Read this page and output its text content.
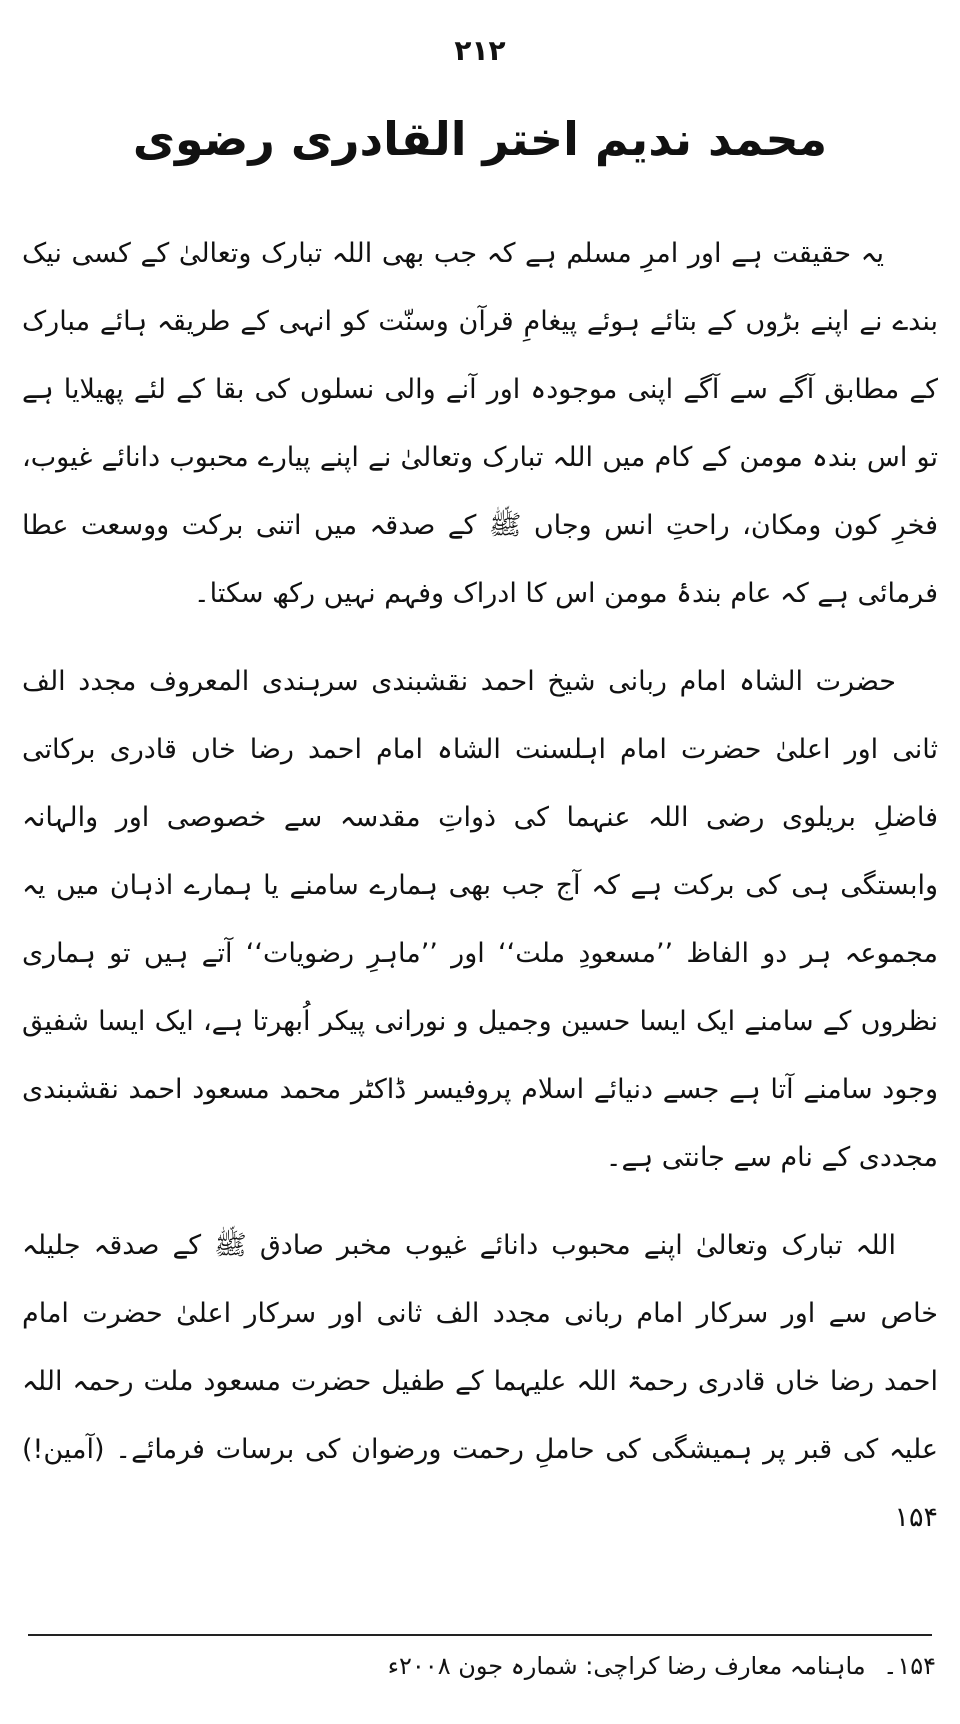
۲۱۲
محمد ندیم اختر القادری رضوی

یہ حقیقت ہے اور امرِ مسلم ہے کہ جب بھی اللہ تبارک وتعالیٰ کے کسی نیک بندے نے اپنے بڑوں کے بتائے ہوئے پیغامِ قرآن وسنّت کو انہی کے طریقہ ہائے مبارک کے مطابق آگے سے آگے اپنی موجودہ اور آنے والی نسلوں کی بقا کے لئے پھیلایا ہے تو اس بندہ مومن کے کام میں اللہ تبارک وتعالیٰ نے اپنے پیارے محبوب دانائے غیوب، فخرِ کون ومکان، راحتِ انس وجاں ﷺ کے صدقہ میں اتنی برکت ووسعت عطا فرمائی ہے کہ عام بندۂ مومن اس کا ادراک وفہم نہیں رکھ سکتا۔

حضرت الشاہ امام ربانی شیخ احمد نقشبندی سرہندی المعروف مجدد الف ثانی اور اعلیٰ حضرت امام اہلسنت الشاہ امام احمد رضا خاں قادری برکاتی فاضلِ بریلوی رضی اللہ عنہما کی ذواتِ مقدسہ سے خصوصی اور والہانہ وابستگی ہی کی برکت ہے کہ آج جب بھی ہمارے سامنے یا ہمارے اذہان میں یہ مجموعہ ہر دو الفاظ ’’مسعودِ ملت‘‘ اور ’’ماہرِ رضویات‘‘ آتے ہیں تو ہماری نظروں کے سامنے ایک ایسا حسین وجمیل و نورانی پیکر اُبھرتا ہے، ایک ایسا شفیق وجود سامنے آتا ہے جسے دنیائے اسلام پروفیسر ڈاکٹر محمد مسعود احمد نقشبندی مجددی کے نام سے جانتی ہے۔

اللہ تبارک وتعالیٰ اپنے محبوب دانائے غیوب مخبر صادق ﷺ کے صدقہ جلیلہ خاص سے اور سرکار امام ربانی مجدد الف ثانی اور سرکار اعلیٰ حضرت امام احمد رضا خاں قادری رحمۃ اللہ علیہما کے طفیل حضرت مسعود ملت رحمہ اللہ علیہ کی قبر پر ہمیشگی کی حاملِ رحمت ورضوان کی برسات فرمائے۔ (آمین!) ۱۵۴

۱۵۴۔ ماہنامہ معارف رضا کراچی: شمارہ جون ۲۰۰۸ء
